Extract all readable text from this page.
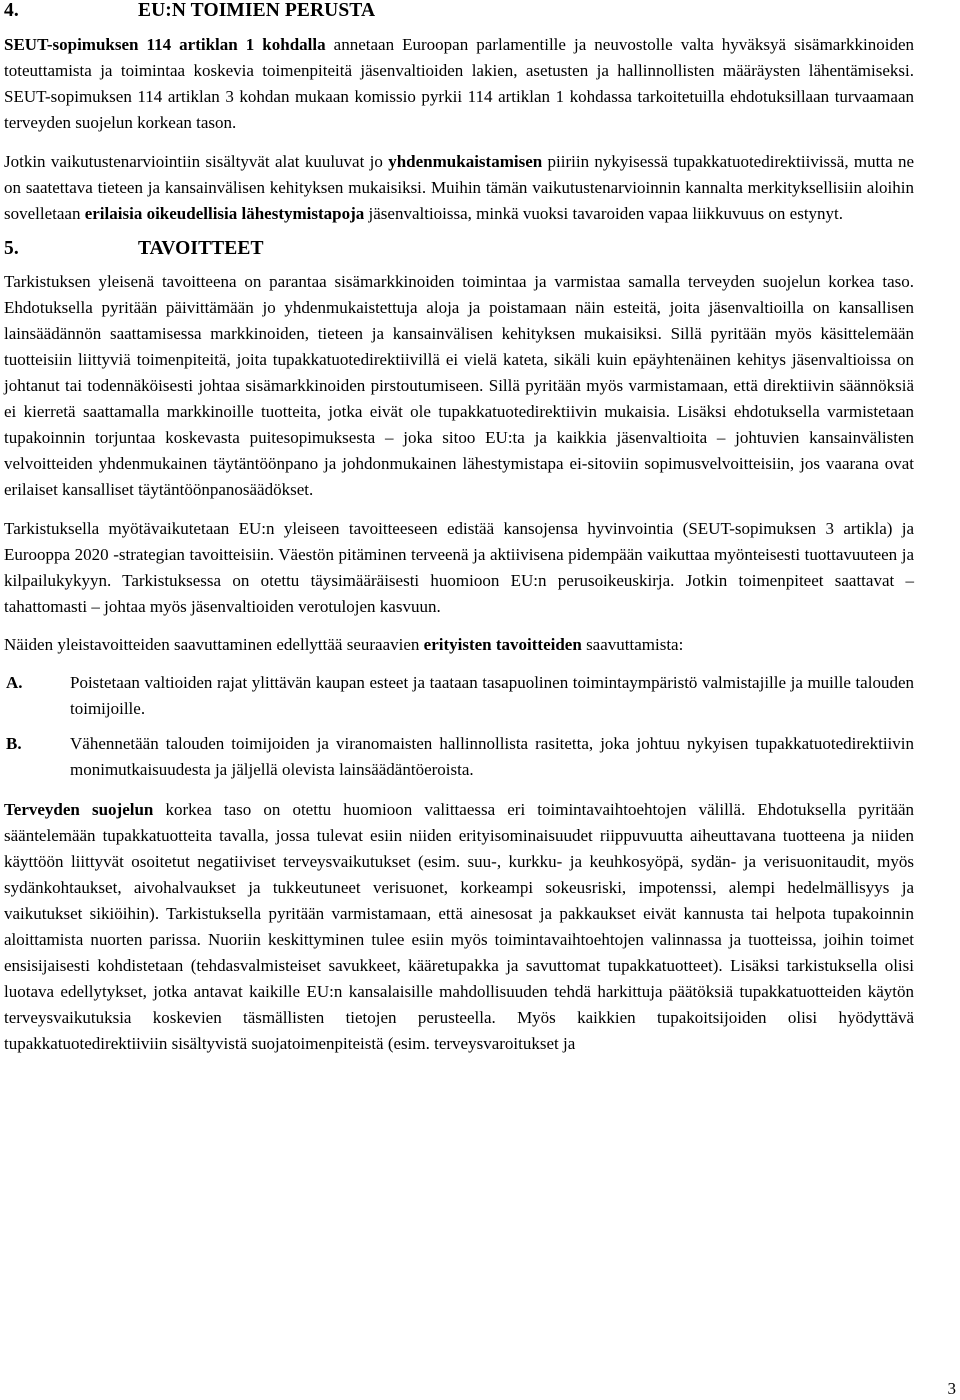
4.	EU:N TOIMIEN PERUSTA

SEUT-sopimuksen 114 artiklan 1 kohdalla annetaan Euroopan parlamentille ja neuvostolle valta hyväksyä sisämarkkinoiden toteuttamista ja toimintaa koskevia toimenpiteitä jäsenvaltioiden lakien, asetusten ja hallinnollisten määräysten lähentämiseksi. SEUT-sopimuksen 114 artiklan 3 kohdan mukaan komissio pyrkii 114 artiklan 1 kohdassa tarkoitetuilla ehdotuksillaan turvaamaan terveyden suojelun korkean tason.

Jotkin vaikutustenarviointiin sisältyvät alat kuuluvat jo yhdenmukaistamisen piiriin nykyisessä tupakkatuotedirektiivissä, mutta ne on saatettava tieteen ja kansainvälisen kehityksen mukaisiksi. Muihin tämän vaikutustenarvioinnin kannalta merkityksellisiin aloihin sovelletaan erilaisia oikeudellisia lähestymistapoja jäsenvaltioissa, minkä vuoksi tavaroiden vapaa liikkuvuus on estynyt.

5.	TAVOITTEET

Tarkistuksen yleisenä tavoitteena on parantaa sisämarkkinoiden toimintaa ja varmistaa samalla terveyden suojelun korkea taso. Ehdotuksella pyritään päivittämään jo yhdenmukaistettuja aloja ja poistamaan näin esteitä, joita jäsenvaltioilla on kansallisen lainsäädännön saattamisessa markkinoiden, tieteen ja kansainvälisen kehityksen mukaisiksi. Sillä pyritään myös käsittelemään tuotteisiin liittyviä toimenpiteitä, joita tupakkatuotedirektiivillä ei vielä kateta, sikäli kuin epäyhtenäinen kehitys jäsenvaltioissa on johtanut tai todennäköisesti johtaa sisämarkkinoiden pirstoutumiseen. Sillä pyritään myös varmistamaan, että direktiivin säännöksiä ei kierretä saattamalla markkinoille tuotteita, jotka eivät ole tupakkatuotedirektiivin mukaisia. Lisäksi ehdotuksella varmistetaan tupakoinnin torjuntaa koskevasta puitesopimuksesta – joka sitoo EU:ta ja kaikkia jäsenvaltioita – johtuvien kansainvälisten velvoitteiden yhdenmukainen täytäntöönpano ja johdonmukainen lähestymistapa ei-sitoviin sopimusvelvoitteisiin, jos vaarana ovat erilaiset kansalliset täytäntöönpanosäädökset.

Tarkistuksella myötävaikutetaan EU:n yleiseen tavoitteeseen edistää kansojensa hyvinvointia (SEUT-sopimuksen 3 artikla) ja Eurooppa 2020 -strategian tavoitteisiin. Väestön pitäminen terveenä ja aktiivisena pidempään vaikuttaa myönteisesti tuottavuuteen ja kilpailukykyyn. Tarkistuksessa on otettu täysimääräisesti huomioon EU:n perusoikeuskirja. Jotkin toimenpiteet saattavat – tahattomasti – johtaa myös jäsenvaltioiden verotulojen kasvuun.

Näiden yleistavoitteiden saavuttaminen edellyttää seuraavien erityisten tavoitteiden saavuttamista:

A.	Poistetaan valtioiden rajat ylittävän kaupan esteet ja taataan tasapuolinen toimintaympäristö valmistajille ja muille talouden toimijoille.
B.	Vähennetään talouden toimijoiden ja viranomaisten hallinnollista rasitetta, joka johtuu nykyisen tupakkatuotedirektiivin monimutkaisuudesta ja jäljellä olevista lainsäädäntöeroista.

Terveyden suojelun korkea taso on otettu huomioon valittaessa eri toimintavaihtoehtojen välillä. Ehdotuksella pyritään sääntelemään tupakkatuotteita tavalla, jossa tulevat esiin niiden erityisominaisuudet riippuvuutta aiheuttavana tuotteena ja niiden käyttöön liittyvät osoitetut negatiiviset terveysvaikutukset (esim. suu-, kurkku- ja keuhkosyöpä, sydän- ja verisuonitaudit, myös sydänkohtaukset, aivohalvaukset ja tukkeutuneet verisuonet, korkeampi sokeusriski, impotenssi, alempi hedelmällisyys ja vaikutukset sikiöihin). Tarkistuksella pyritään varmistamaan, että ainesosat ja pakkaukset eivät kannusta tai helpota tupakoinnin aloittamista nuorten parissa. Nuoriin keskittyminen tulee esiin myös toimintavaihtoehtojen valinnassa ja tuotteissa, joihin toimet ensisijaisesti kohdistetaan (tehdasvalmisteiset savukkeet, kääretupakka ja savuttomat tupakkatuotteet). Lisäksi tarkistuksella olisi luotava edellytykset, jotka antavat kaikille EU:n kansalaisille mahdollisuuden tehdä harkittuja päätöksiä tupakkatuotteiden käytön terveysvaikutuksia koskevien täsmällisten tietojen perusteella. Myös kaikkien tupakoitsijoiden olisi hyödyttävä tupakkatuotedirektiiviin sisältyvistä suojatoimenpiteistä (esim. terveysvaroitukset ja

3
